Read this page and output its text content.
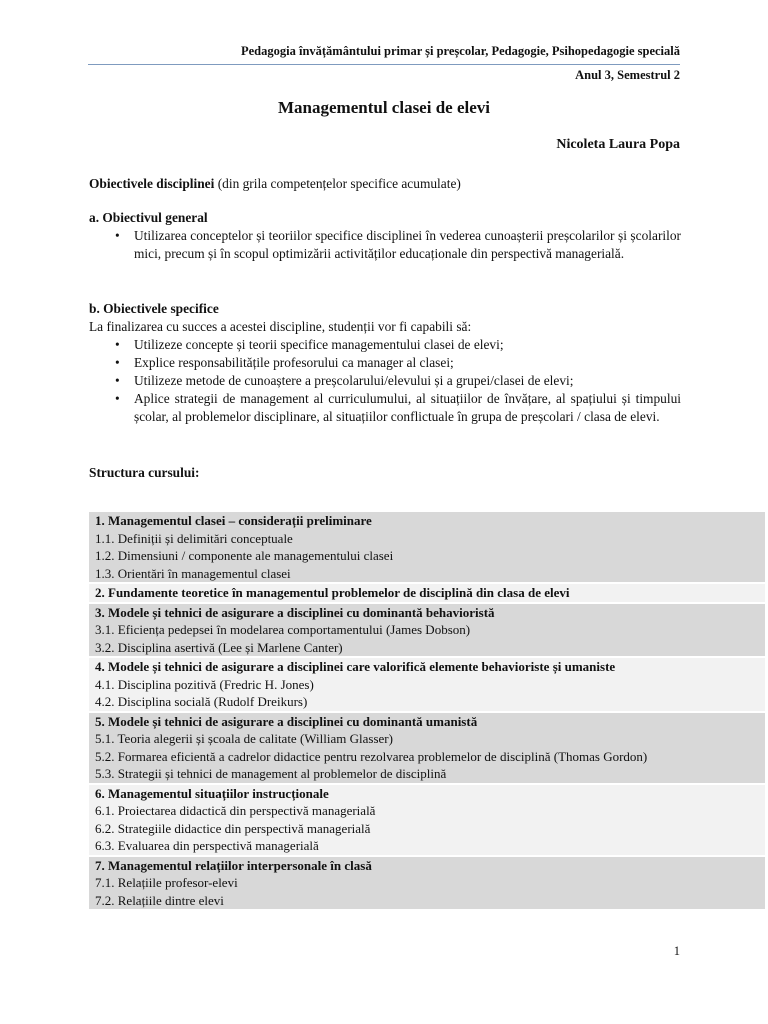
Pedagogia învățământului primar și preșcolar, Pedagogie, Psihopedagogie specială
Anul 3, Semestrul 2
Managementul clasei de elevi
Nicoleta Laura Popa
Obiectivele disciplinei (din grila competențelor specifice acumulate)
a. Obiectivul general
• Utilizarea conceptelor și teoriilor specifice disciplinei în vederea cunoașterii preșcolarilor și școlarilor mici, precum și în scopul optimizării activităților educaționale din perspectivă managerială.
b. Obiectivele specifice
La finalizarea cu succes a acestei discipline, studenții vor fi capabili să:
• Utilizeze concepte și teorii specifice managementului clasei de elevi;
• Explice responsabilitățile profesorului ca manager al clasei;
• Utilizeze metode de cunoaștere a preșcolarului/elevului și a grupei/clasei de elevi;
• Aplice strategii de management al curriculumului, al situațiilor de învățare, al spațiului și timpului școlar, al problemelor disciplinare, al situațiilor conflictuale în grupa de preșcolari / clasa de elevi.
Structura cursului:
1. Managementul clasei – considerații preliminare
1.1. Definiții și delimitări conceptuale
1.2. Dimensiuni / componente ale managementului clasei
1.3. Orientări în managementul clasei

2. Fundamente teoretice în managementul problemelor de disciplină din clasa de elevi

3. Modele și tehnici de asigurare a disciplinei cu dominantă behavioristă
3.1. Eficiența pedepsei în modelarea comportamentului (James Dobson)
3.2. Disciplina asertivă (Lee și Marlene Canter)

4. Modele și tehnici de asigurare a disciplinei care valorifică elemente behavioriste și umaniste
4.1. Disciplina pozitivă (Fredric H. Jones)
4.2. Disciplina socială (Rudolf Dreikurs)

5. Modele și tehnici de asigurare a disciplinei cu dominantă umanistă
5.1. Teoria alegerii și școala de calitate (William Glasser)
5.2. Formarea eficientă a cadrelor didactice pentru rezolvarea problemelor de disciplină (Thomas Gordon)
5.3. Strategii și tehnici de management al problemelor de disciplină

6. Managementul situațiilor instrucționale
6.1. Proiectarea didactică din perspectivă managerială
6.2. Strategiile didactice din perspectivă managerială
6.3. Evaluarea din perspectivă managerială

7. Managementul relațiilor interpersonale în clasă
7.1. Relațiile profesor-elevi
7.2. Relațiile dintre elevi
1
